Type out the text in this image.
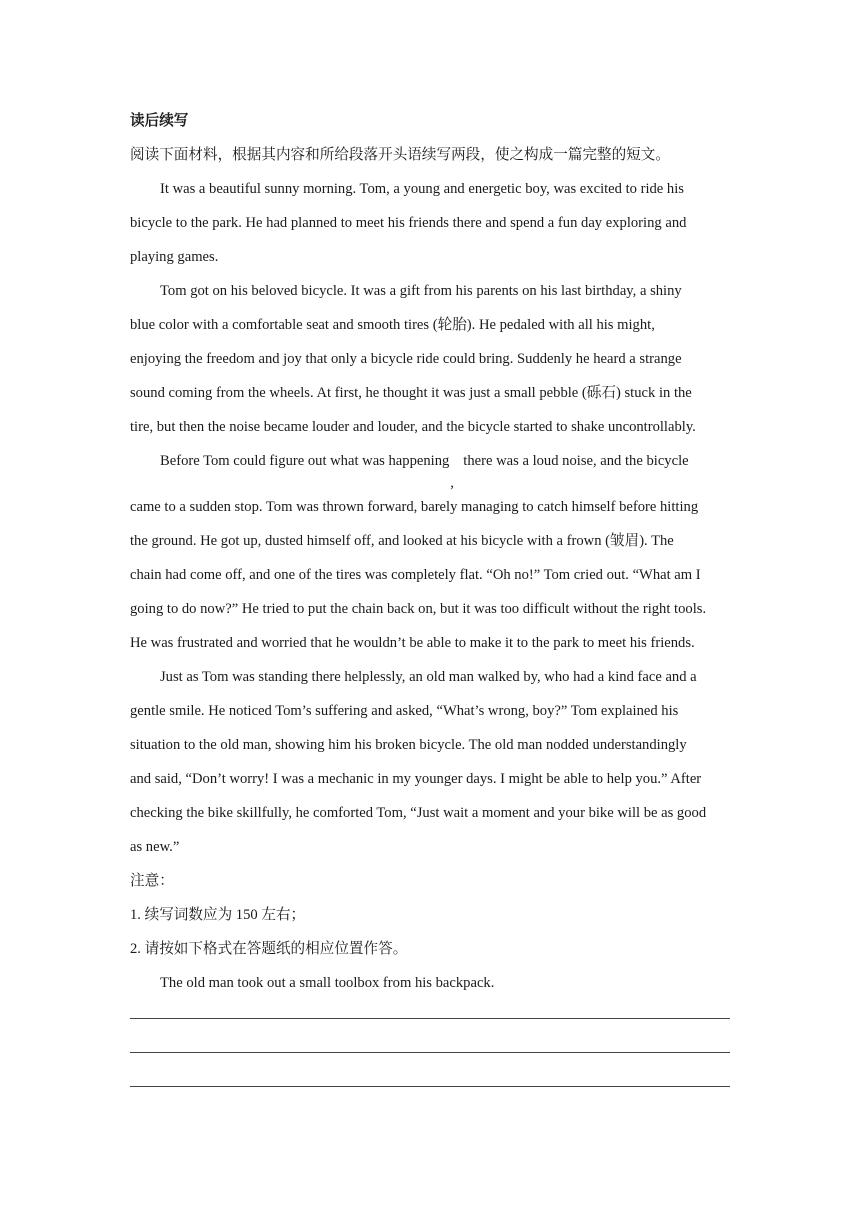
读后续写
阅读下面材料，根据其内容和所给段落开头语续写两段，使之构成一篇完整的短文。
It was a beautiful sunny morning. Tom, a young and energetic boy, was excited to ride his
bicycle to the park. He had planned to meet his friends there and spend a fun day exploring and
playing games.
Tom got on his beloved bicycle. It was a gift from his parents on his last birthday, a shiny
blue color with a comfortable seat and smooth tires (轮胎). He pedaled with all his might,
enjoying the freedom and joy that only a bicycle ride could bring. Suddenly he heard a strange
sound coming from the wheels. At first, he thought it was just a small pebble (砾石) stuck in the
tire, but then the noise became louder and louder, and the bicycle started to shake uncontrollably.
Before Tom could figure out what was happening
,
there was a loud noise, and the bicycle
came to a sudden stop. Tom was thrown forward, barely managing to catch himself before hitting
the ground. He got up, dusted himself off, and looked at his bicycle with a frown (皱眉). The
chain had come off, and one of the tires was completely flat. “Oh no!” Tom cried out. “What am I
going to do now?” He tried to put the chain back on, but it was too difficult without the right tools.
He was frustrated and worried that he wouldn’t be able to make it to the park to meet his friends.
Just as Tom was standing there helplessly, an old man walked by, who had a kind face and a
gentle smile. He noticed Tom’s suffering and asked, “What’s wrong, boy?” Tom explained his
situation to the old man, showing him his broken bicycle. The old man nodded understandingly
and said, “Don’t worry! I was a mechanic in my younger days. I might be able to help you.” After
checking the bike skillfully, he comforted Tom, “Just wait a moment and your bike will be as good
as new.”
注意：
1. 续写词数应为 150 左右；
2. 请按如下格式在答题纸的相应位置作答。
The old man took out a small toolbox from his backpack.
